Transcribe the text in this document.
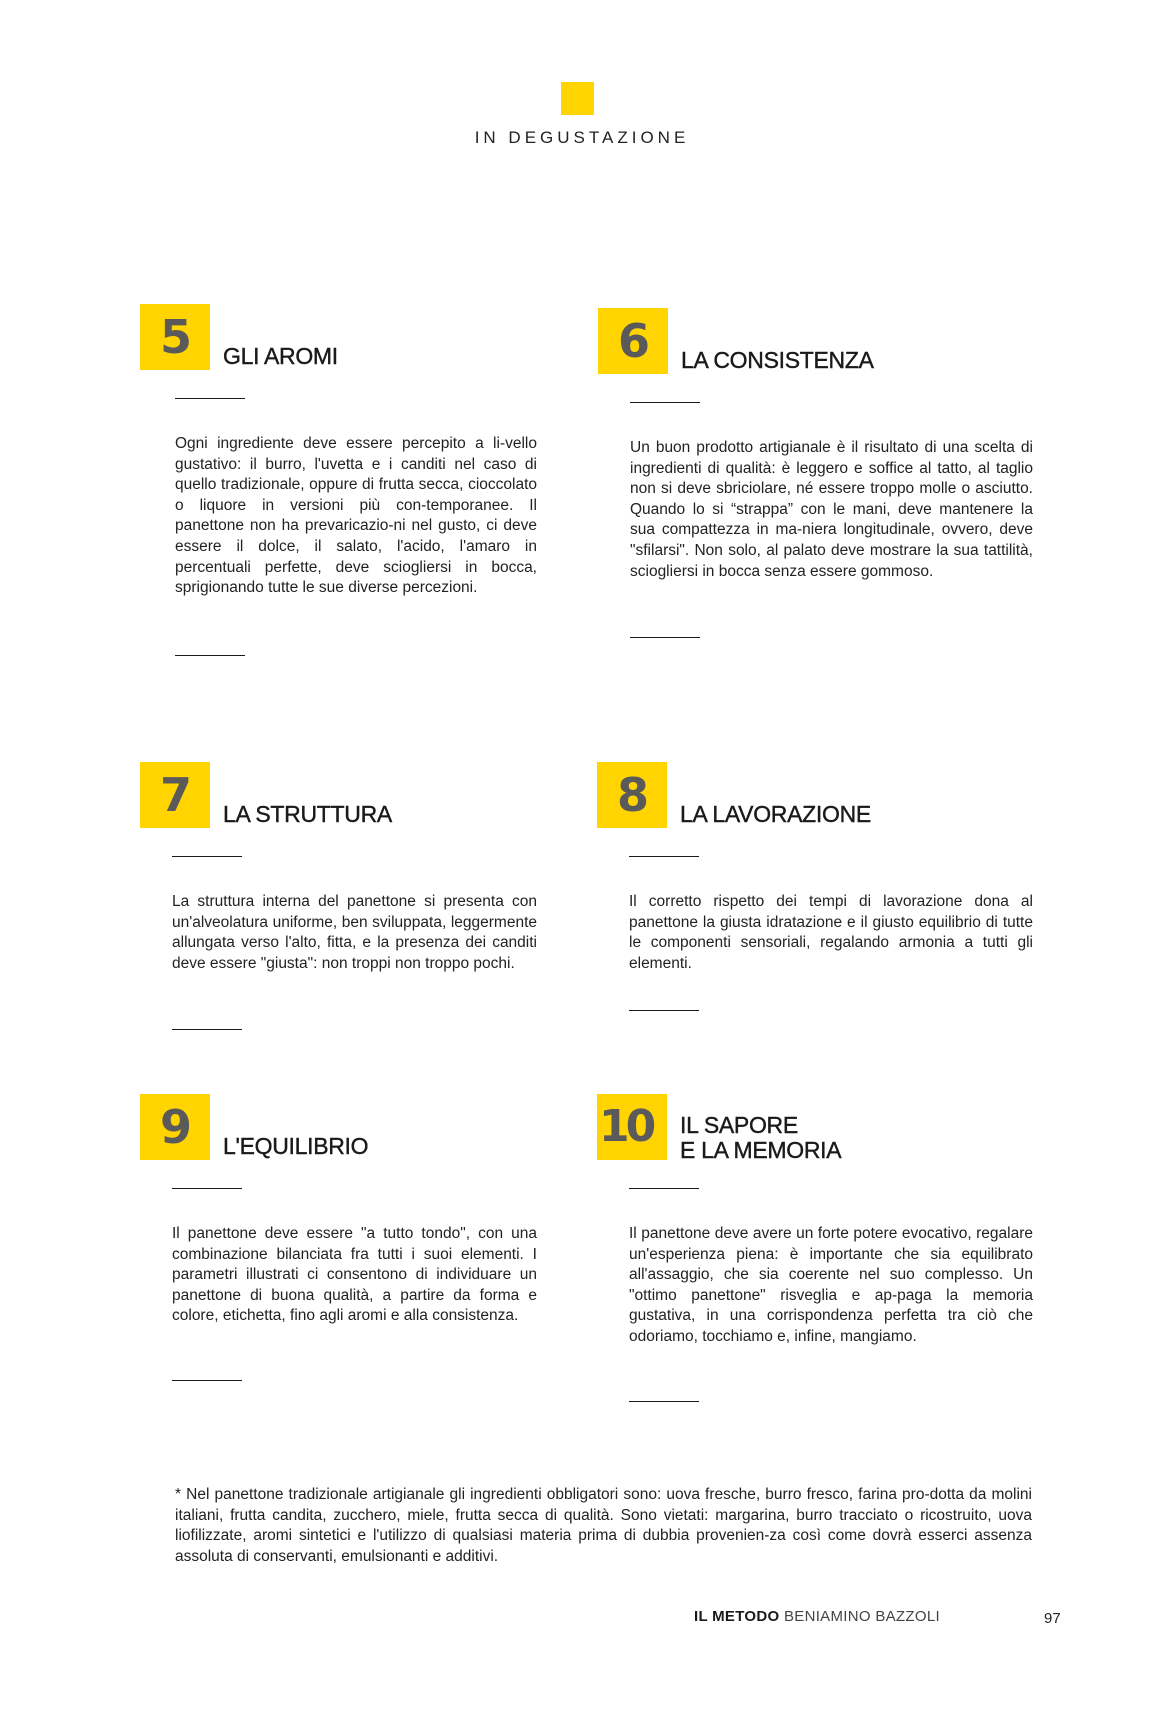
IN DEGUSTAZIONE
5	GLI AROMI
Ogni ingrediente deve essere percepito a li-vello gustativo: il burro, l'uvetta e i canditi nel caso di quello tradizionale, oppure di frutta secca, cioccolato o liquore in versioni più con-temporanee. Il panettone non ha prevaricazio-ni nel gusto, ci deve essere il dolce, il salato, l'acido, l'amaro in percentuali perfette, deve sciogliersi in bocca, sprigionando tutte le sue diverse percezioni.
6	LA CONSISTENZA
Un buon prodotto artigianale è il risultato di una scelta di ingredienti di qualità: è leggero e soffice al tatto, al taglio non si deve sbriciolare, né essere troppo molle o asciutto. Quando lo si “strappa” con le mani, deve mantenere la sua compattezza in ma-niera longitudinale, ovvero, deve "sfilarsi". Non solo, al palato deve mostrare la sua tattilità, sciogliersi in bocca senza essere gommoso.
7	LA STRUTTURA
La struttura interna del panettone si presenta con un'alveolatura uniforme, ben sviluppata, leggermente allungata verso l'alto, fitta, e la presenza dei canditi deve essere "giusta": non troppi non troppo pochi.
8	LA LAVORAZIONE
Il corretto rispetto dei tempi di lavorazione dona al panettone la giusta idratazione e il giusto equilibrio di tutte le componenti sensoriali, regalando armonia a tutti gli elementi.
9	L'EQUILIBRIO
Il panettone deve essere "a tutto tondo", con una combinazione bilanciata fra tutti i suoi elementi. I parametri illustrati ci consentono di individuare un panettone di buona qualità, a partire da forma e colore, etichetta, fino agli aromi e alla consistenza.
10	IL SAPORE
E LA MEMORIA
Il panettone deve avere un forte potere evocativo, regalare un'esperienza piena: è importante che sia equilibrato all'assaggio, che sia coerente nel suo complesso. Un "ottimo panettone" risveglia e ap-paga la memoria gustativa, in una corrispondenza perfetta tra ciò che odoriamo, tocchiamo e, infine, mangiamo.
* Nel panettone tradizionale artigianale gli ingredienti obbligatori sono: uova fresche, burro fresco, farina pro-dotta da molini italiani, frutta candita, zucchero, miele, frutta secca di qualità. Sono vietati: margarina, burro tracciato o ricostruito, uova liofilizzate, aromi sintetici e l'utilizzo di qualsiasi materia prima di dubbia provenien-za così come dovrà esserci assenza assoluta di conservanti, emulsionanti e additivi.
IL METODO BENIAMINO BAZZOLI	97
